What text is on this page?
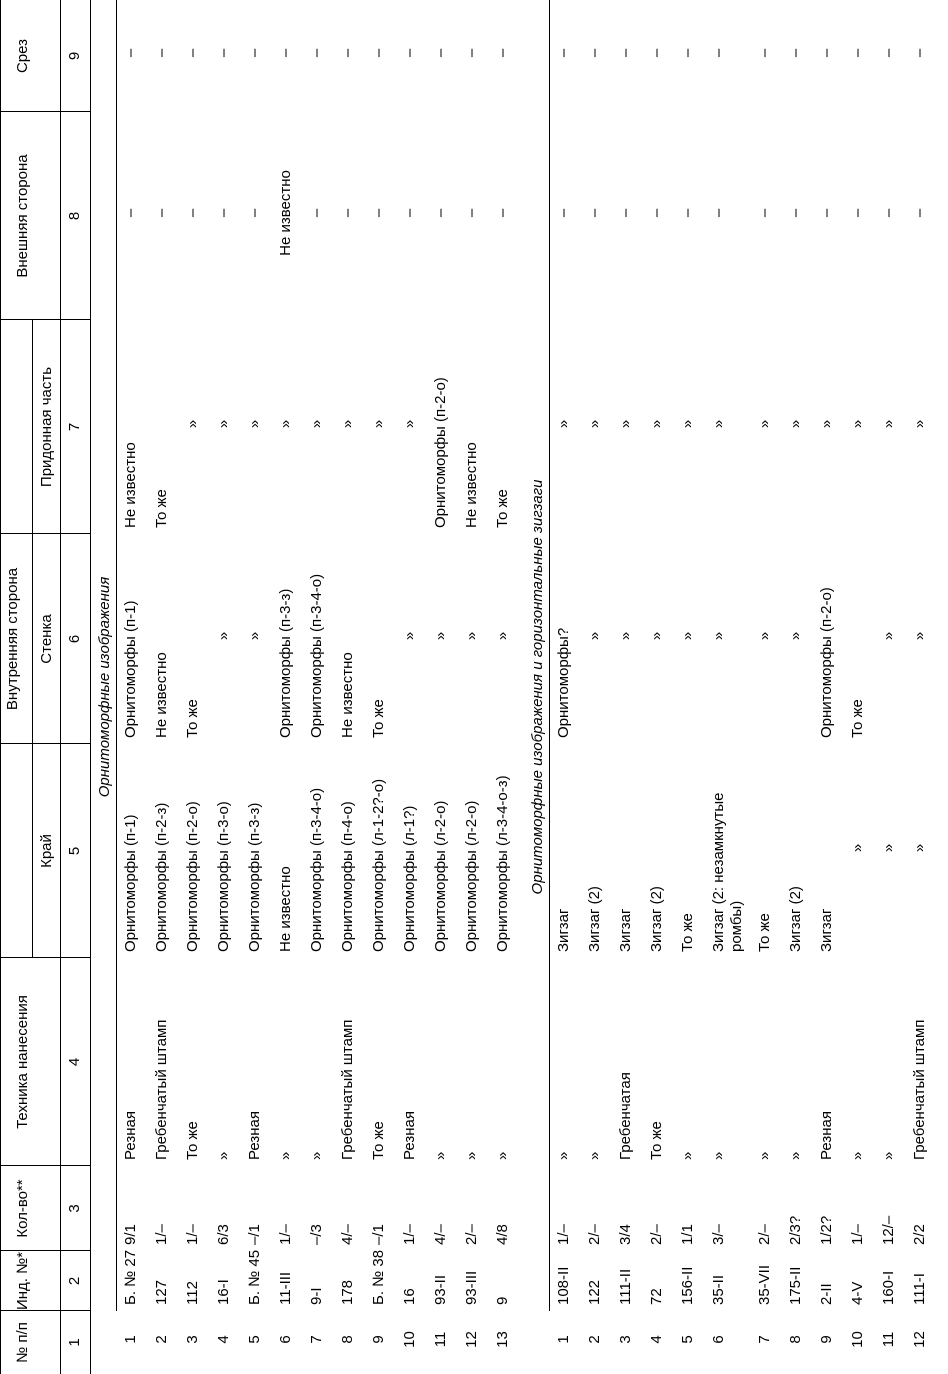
№ п/п
Инд. №*
Кол-во**
Техника нанесения
Внешняя сторона
Срез
Внутренняя сторона
Край
Стенка
Придонная часть
1
2
3
4
5
6
7
8
9
Орнитоморфные изображения
1
Б. № 27
9/1
Резная
Орнитоморфы (п-1)
Орнитоморфы (п-1)
Не известно
–
–
2
127
1/–
Гребенчатый штамп
Орнитоморфы (п-2-з)
Не известно
То же
–
–
3
112
1/–
То же
Орнитоморфы (п-2-о)
То же
»
–
–
4
16-I
6/3
»
Орнитоморфы (п-3-о)
»
»
–
–
5
Б. № 45
–/1
Резная
Орнитоморфы (п-3-з)
»
»
–
–
6
11-III
1/–
»
Не известно
Орнитоморфы (п-3-з)
»
Не известно
–
7
9-I
–/3
»
Орнитоморфы (п-3-4-о)
Орнитоморфы (п-3-4-о)
»
–
–
8
178
4/–
Гребенчатый штамп
Орнитоморфы (п-4-о)
Не известно
»
–
–
9
Б. № 38
–/1
То же
Орнитоморфы (л-1-2?-о)
То же
»
–
–
10
16
1/–
Резная
Орнитоморфы (л-1?)
»
»
–
–
11
93-II
4/–
»
Орнитоморфы (л-2-о)
»
Орнитоморфы (п-2-о)
–
–
12
93-III
2/–
»
Орнитоморфы (л-2-о)
»
Не известно
–
–
13
9
4/8
»
Орнитоморфы (л-3-4-о-з)
»
То же
–
–
Орнитоморфные изображения и горизонтальные зигзаги
1
108-II
1/–
»
Зигзаг
Орнитоморфы?
»
–
–
2
122
2/–
»
Зигзаг (2)
»
»
–
–
3
111-II
3/4
Гребенчатая
Зигзаг
»
»
–
–
4
72
2/–
То же
Зигзаг (2)
»
»
–
–
5
156-II
1/1
»
То же
»
»
–
–
6
35-II
3/–
»
Зигзаг (2: незамкнутые ромбы)
»
»
–
–
7
35-VII
2/–
»
То же
»
»
–
–
8
175-II
2/3?
»
Зигзаг (2)
»
»
–
–
9
2-II
1/2?
Резная
Зигзаг
Орнитоморфы (п-2-о)
»
–
–
10
4-V
1/–
»
»
То же
»
–
–
11
160-I
12/–
»
»
»
»
–
–
12
111-I
2/2
Гребенчатый штамп
»
»
»
–
–
